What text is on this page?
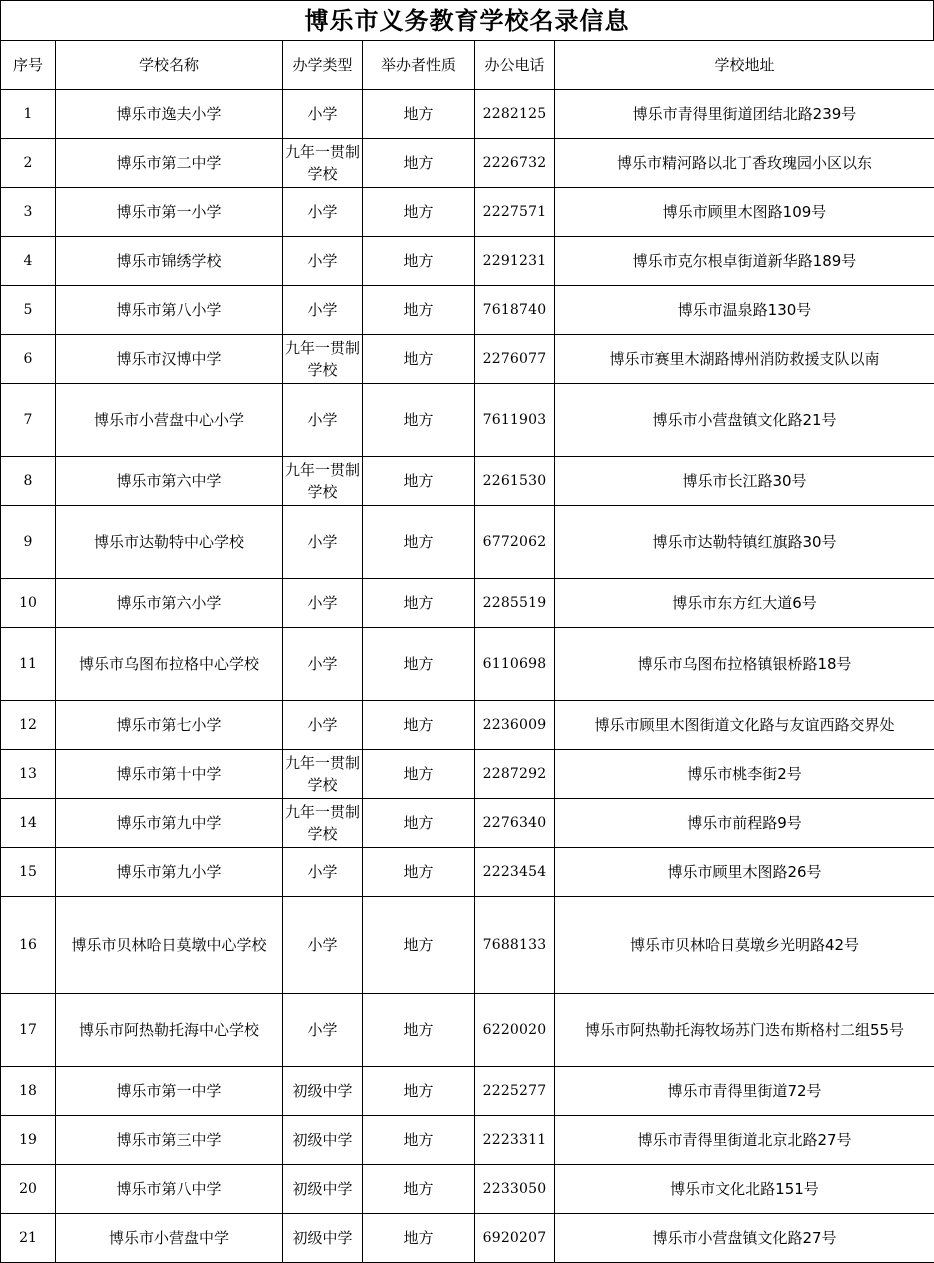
博乐市义务教育学校名录信息
序号	学校名称	办学类型	举办者性质	办公电话	学校地址
1	博乐市逸夫小学	小学	地方	2282125	博乐市青得里街道团结北路239号
2	博乐市第二中学	九年一贯制学校	地方	2226732	博乐市精河路以北丁香玫瑰园小区以东
3	博乐市第一小学	小学	地方	2227571	博乐市顾里木图路109号
4	博乐市锦绣学校	小学	地方	2291231	博乐市克尔根卓街道新华路189号
5	博乐市第八小学	小学	地方	7618740	博乐市温泉路130号
6	博乐市汉博中学	九年一贯制学校	地方	2276077	博乐市赛里木湖路博州消防救援支队以南
7	博乐市小营盘中心小学	小学	地方	7611903	博乐市小营盘镇文化路21号
8	博乐市第六中学	九年一贯制学校	地方	2261530	博乐市长江路30号
9	博乐市达勒特中心学校	小学	地方	6772062	博乐市达勒特镇红旗路30号
10	博乐市第六小学	小学	地方	2285519	博乐市东方红大道6号
11	博乐市乌图布拉格中心学校	小学	地方	6110698	博乐市乌图布拉格镇银桥路18号
12	博乐市第七小学	小学	地方	2236009	博乐市顾里木图街道文化路与友谊西路交界处
13	博乐市第十中学	九年一贯制学校	地方	2287292	博乐市桃李街2号
14	博乐市第九中学	九年一贯制学校	地方	2276340	博乐市前程路9号
15	博乐市第九小学	小学	地方	2223454	博乐市顾里木图路26号
16	博乐市贝林哈日莫墩中心学校	小学	地方	7688133	博乐市贝林哈日莫墩乡光明路42号
17	博乐市阿热勒托海中心学校	小学	地方	6220020	博乐市阿热勒托海牧场苏门迭布斯格村二组55号
18	博乐市第一中学	初级中学	地方	2225277	博乐市青得里街道72号
19	博乐市第三中学	初级中学	地方	2223311	博乐市青得里街道北京北路27号
20	博乐市第八中学	初级中学	地方	2233050	博乐市文化北路151号
21	博乐市小营盘中学	初级中学	地方	6920207	博乐市小营盘镇文化路27号
